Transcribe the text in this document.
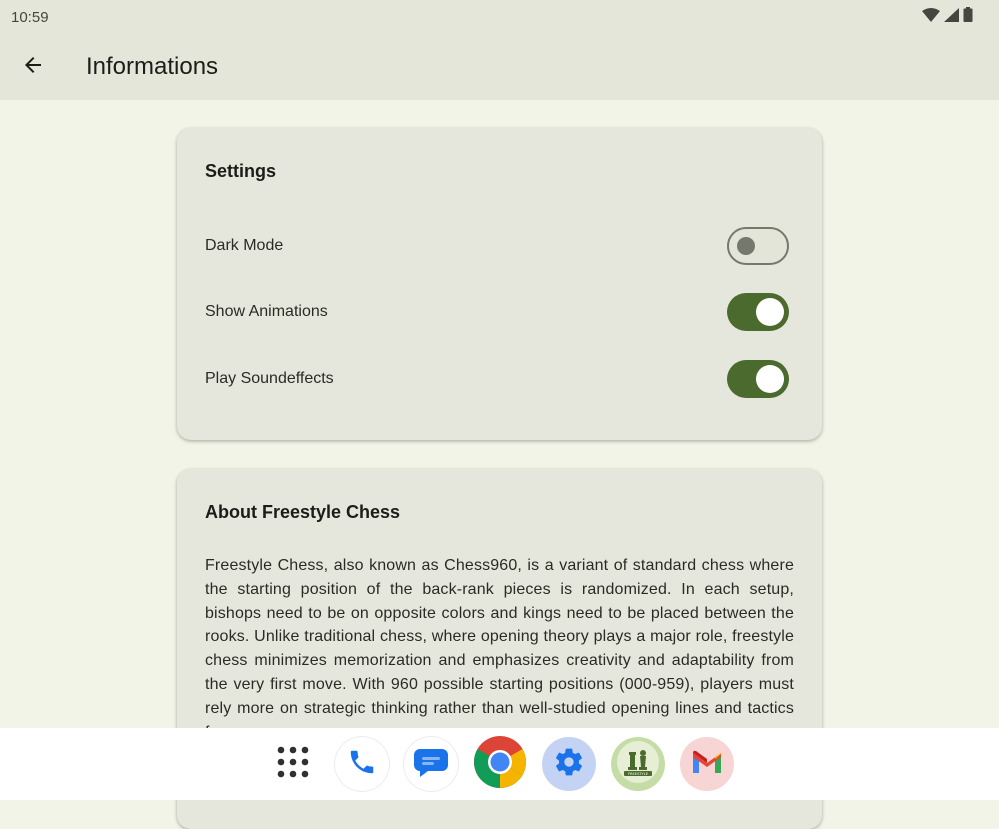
10:59
Informations
Settings
Dark Mode
Show Animations
Play Soundeffects
About Freestyle Chess

Freestyle Chess, also known as Chess960, is a variant of standard chess where the starting position of the back-rank pieces is randomized. In each setup, bishops need to be on opposite colors and kings need to be placed between the rooks. Unlike traditional chess, where opening theory plays a major role, freestyle chess minimizes memorization and emphasizes creativity and adaptability from the very first move. With 960 possible starting positions (000-959), players must rely more on strategic thinking rather than well-studied opening lines and tactics

FREESTYLE
